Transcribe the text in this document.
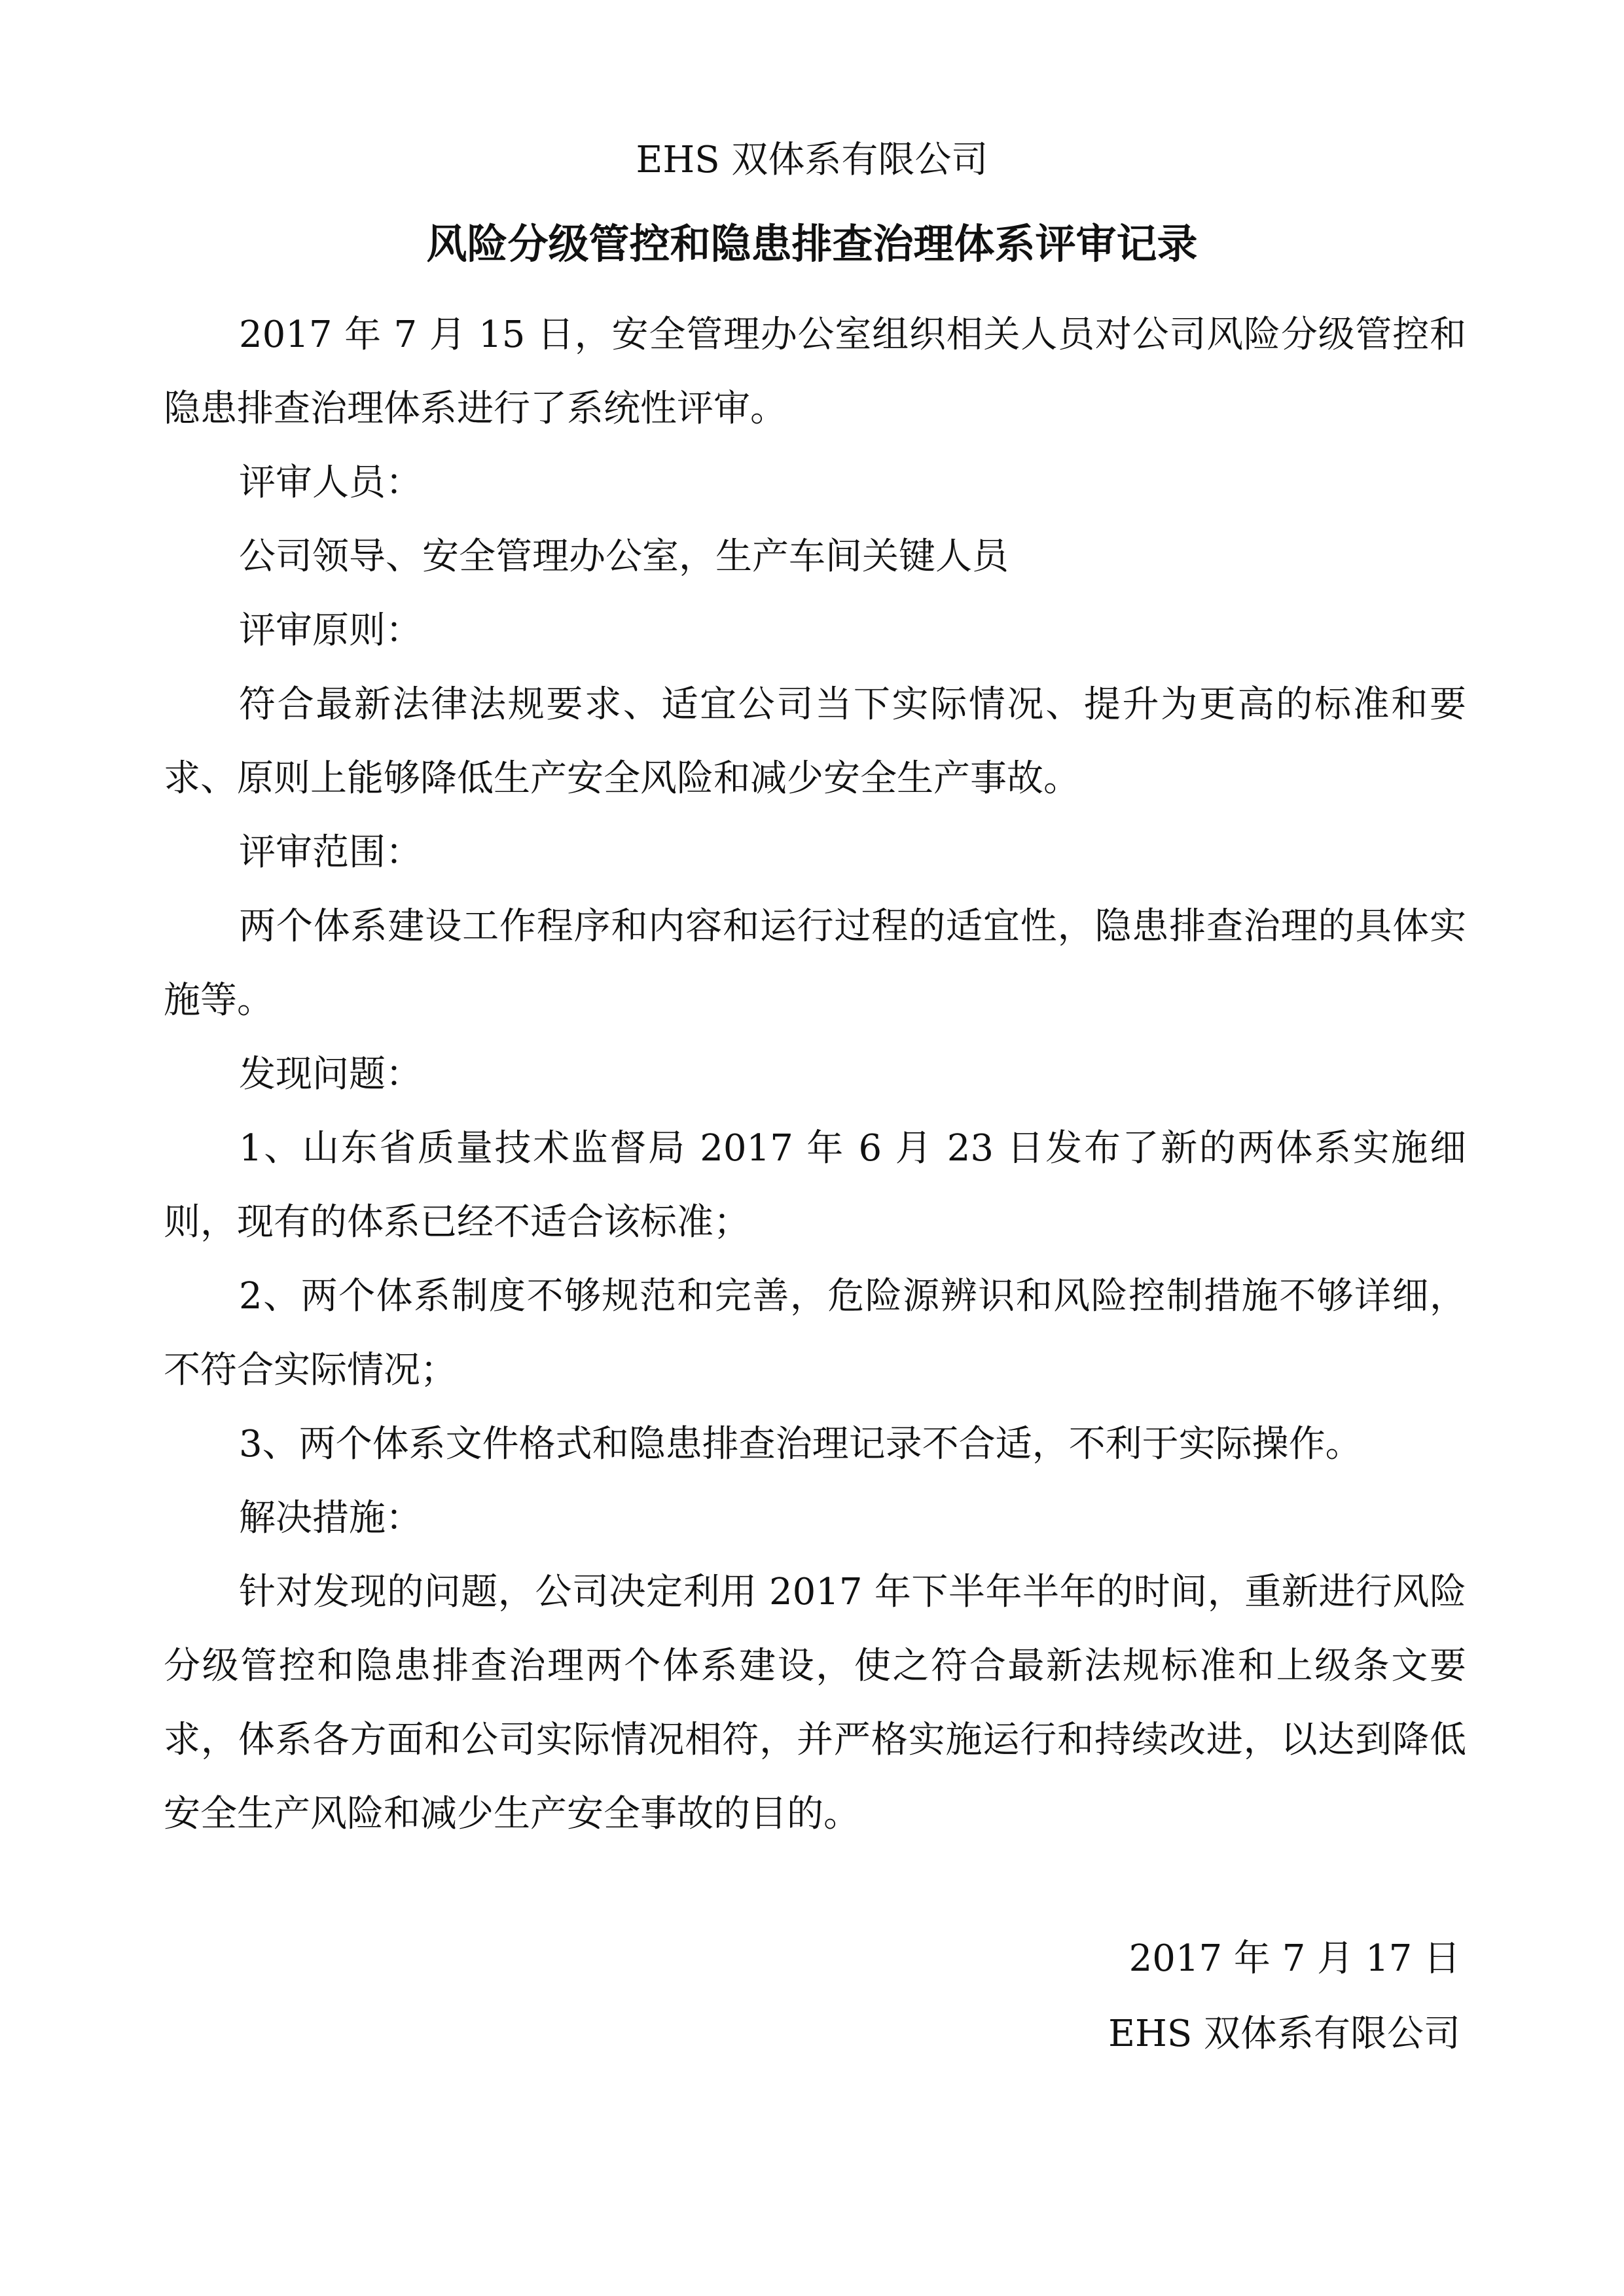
EHS 双体系有限公司
风险分级管控和隐患排查治理体系评审记录

2017 年 7 月 15 日，安全管理办公室组织相关人员对公司风险分级管控和隐患排查治理体系进行了系统性评审。

评审人员：

公司领导、安全管理办公室，生产车间关键人员

评审原则：

符合最新法律法规要求、适宜公司当下实际情况、提升为更高的标准和要求、原则上能够降低生产安全风险和减少安全生产事故。

评审范围：

两个体系建设工作程序和内容和运行过程的适宜性，隐患排查治理的具体实施等。

发现问题：

1、山东省质量技术监督局 2017 年 6 月 23 日发布了新的两体系实施细则，现有的体系已经不适合该标准；

2、两个体系制度不够规范和完善，危险源辨识和风险控制措施不够详细，不符合实际情况；

3、两个体系文件格式和隐患排查治理记录不合适，不利于实际操作。

解决措施：

针对发现的问题，公司决定利用 2017 年下半年半年的时间，重新进行风险分级管控和隐患排查治理两个体系建设，使之符合最新法规标准和上级条文要求，体系各方面和公司实际情况相符，并严格实施运行和持续改进，以达到降低安全生产风险和减少生产安全事故的目的。

2017 年 7 月 17 日
EHS 双体系有限公司
